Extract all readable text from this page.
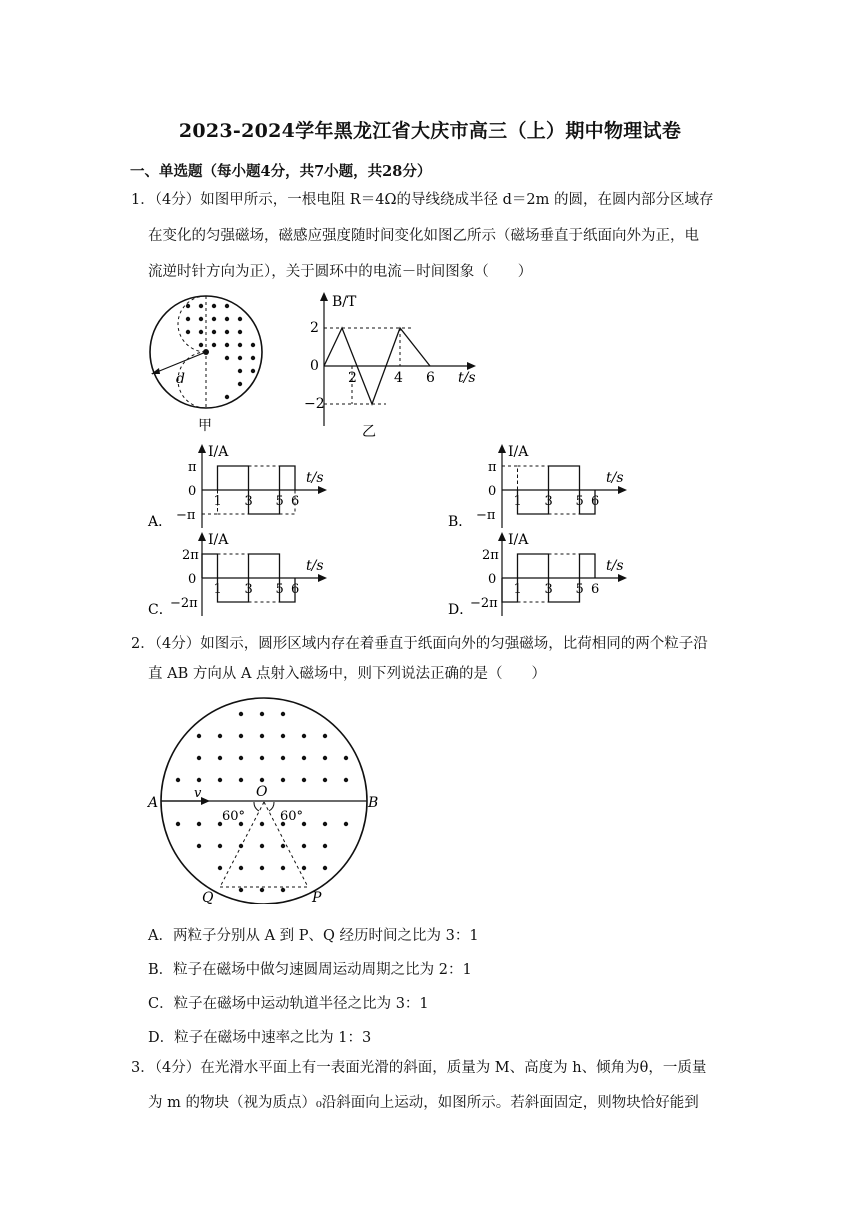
2023-2024学年黑龙江省大庆市高三（上）期中物理试卷
一、单选题（每小题4分，共7小题，共28分）
1．（4分）如图甲所示，一根电阻 R＝4Ω的导线绕成半径 d＝2m 的圆，在圆内部分区域存
在变化的匀强磁场，磁感应强度随时间变化如图乙所示（磁场垂直于纸面向外为正，电
流逆时针方向为正），关于圆环中的电流－时间图象（　　）
d
甲
B/T
t/s
2
0
−2
2	4 6
乙
A．
I/A
t/s
π
0
−π
1 3 5 6
B．
I/A
t/s
π
0
−π
1 3 5 6
C．
I/A
t/s
2π
0
−2π
1 3 5 6
D．
I/A
t/s
2π
0
−2π
1 3 5 6
2．（4分）如图示，圆形区域内存在着垂直于纸面向外的匀强磁场，比荷相同的两个粒子沿
直 AB 方向从 A 点射入磁场中，则下列说法正确的是（　　）
v
A	B
O
60°	60°
Q	P
A．两粒子分别从 A 到 P、Q 经历时间之比为 3：1
B．粒子在磁场中做匀速圆周运动周期之比为 2：1
C．粒子在磁场中运动轨道半径之比为 3：1
D．粒子在磁场中速率之比为 1：3
3．（4分）在光滑水平面上有一表面光滑的斜面，质量为 M、高度为 h、倾角为θ，一质量
为 m 的物块（视为质点）₀沿斜面向上运动，如图所示。若斜面固定，则物块恰好能到
